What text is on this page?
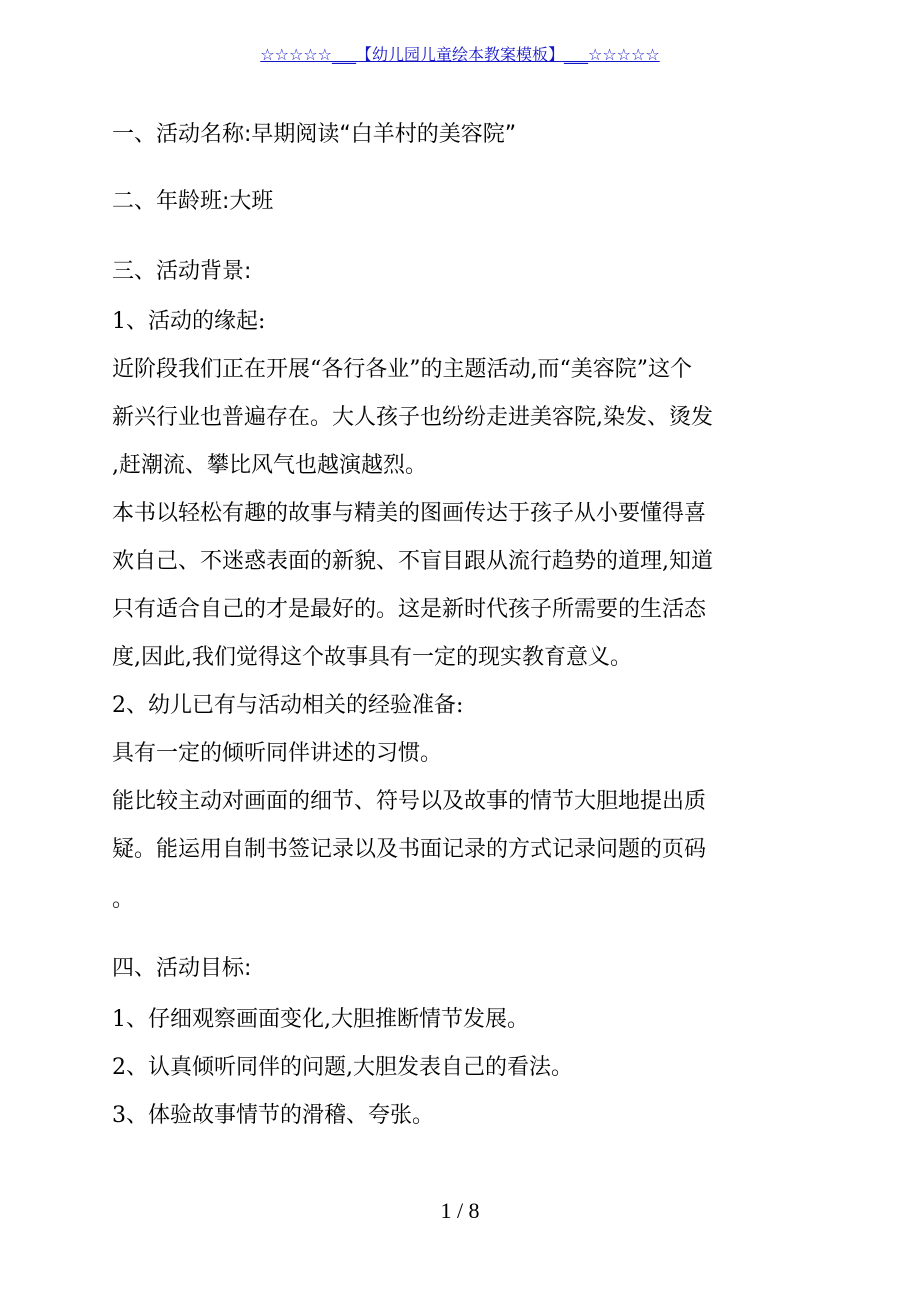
☆☆☆☆☆___【幼儿园儿童绘本教案模板】___☆☆☆☆☆
一、活动名称:早期阅读“白羊村的美容院”
二、年龄班:大班
三、活动背景:
1、活动的缘起:
近阶段我们正在开展“各行各业”的主题活动,而“美容院”这个
新兴行业也普遍存在。大人孩子也纷纷走进美容院,染发、烫发
,赶潮流、攀比风气也越演越烈。
本书以轻松有趣的故事与精美的图画传达于孩子从小要懂得喜
欢自己、不迷惑表面的新貌、不盲目跟从流行趋势的道理,知道
只有适合自己的才是最好的。这是新时代孩子所需要的生活态
度,因此,我们觉得这个故事具有一定的现实教育意义。
2、幼儿已有与活动相关的经验准备:
具有一定的倾听同伴讲述的习惯。
能比较主动对画面的细节、符号以及故事的情节大胆地提出质
疑。能运用自制书签记录以及书面记录的方式记录问题的页码
。
四、活动目标:
1、仔细观察画面变化,大胆推断情节发展。
2、认真倾听同伴的问题,大胆发表自己的看法。
3、体验故事情节的滑稽、夸张。
1 / 8
